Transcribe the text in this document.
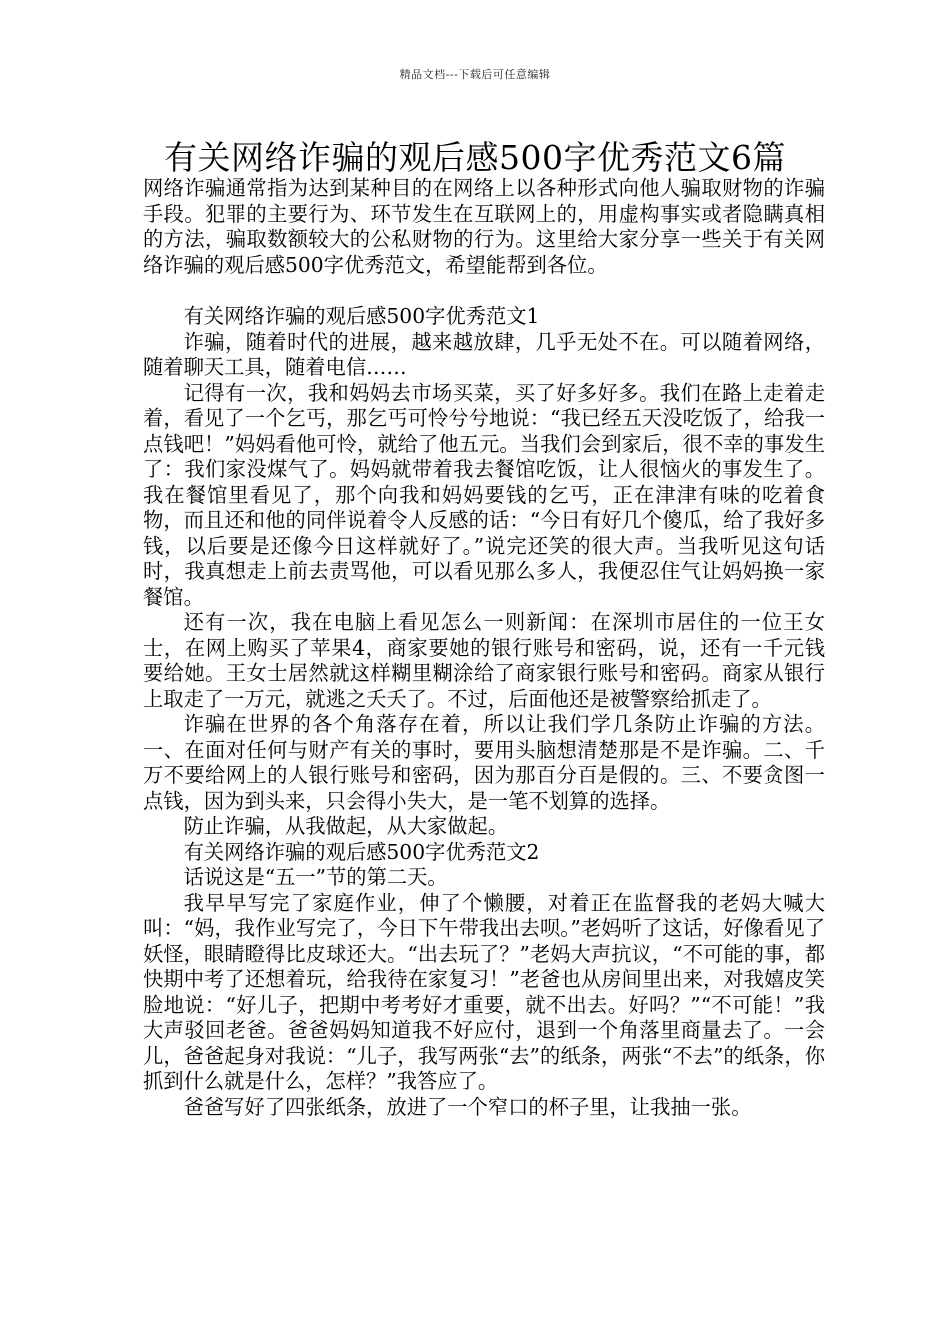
精品文档---下载后可任意编辑
有关网络诈骗的观后感500字优秀范文6篇

网络诈骗通常指为达到某种目的在网络上以各种形式向他人骗取财物的诈骗手段。犯罪的主要行为、环节发生在互联网上的，用虚构事实或者隐瞒真相的方法，骗取数额较大的公私财物的行为。这里给大家分享一些关于有关网络诈骗的观后感500字优秀范文，希望能帮到各位。

有关网络诈骗的观后感500字优秀范文1

诈骗，随着时代的进展，越来越放肆，几乎无处不在。可以随着网络，随着聊天工具，随着电信……

记得有一次，我和妈妈去市场买菜，买了好多好多。我们在路上走着走着，看见了一个乞丐，那乞丐可怜兮兮地说：“我已经五天没吃饭了，给我一点钱吧！”妈妈看他可怜，就给了他五元。当我们会到家后，很不幸的事发生了：我们家没煤气了。妈妈就带着我去餐馆吃饭，让人很恼火的事发生了。我在餐馆里看见了，那个向我和妈妈要钱的乞丐，正在津津有味的吃着食物，而且还和他的同伴说着令人反感的话：“今日有好几个傻瓜，给了我好多钱，以后要是还像今日这样就好了。”说完还笑的很大声。当我听见这句话时，我真想走上前去责骂他，可以看见那么多人，我便忍住气让妈妈换一家餐馆。

还有一次，我在电脑上看见怎么一则新闻：在深圳市居住的一位王女士，在网上购买了苹果4，商家要她的银行账号和密码，说，还有一千元钱要给她。王女士居然就这样糊里糊涂给了商家银行账号和密码。商家从银行上取走了一万元，就逃之夭夭了。不过，后面他还是被警察给抓走了。

诈骗在世界的各个角落存在着，所以让我们学几条防止诈骗的方法。一、在面对任何与财产有关的事时，要用头脑想清楚那是不是诈骗。二、千万不要给网上的人银行账号和密码，因为那百分百是假的。三、不要贪图一点钱，因为到头来，只会得小失大，是一笔不划算的选择。

防止诈骗，从我做起，从大家做起。

有关网络诈骗的观后感500字优秀范文2

话说这是“五一”节的第二天。

我早早写完了家庭作业，伸了个懒腰，对着正在监督我的老妈大喊大叫：“妈，我作业写完了，今日下午带我出去呗。”老妈听了这话，好像看见了妖怪，眼睛瞪得比皮球还大。“出去玩了？”老妈大声抗议，“不可能的事，都快期中考了还想着玩，给我待在家复习！”老爸也从房间里出来，对我嬉皮笑脸地说：“好儿子，把期中考考好才重要，就不出去。好吗？”“不可能！”我大声驳回老爸。爸爸妈妈知道我不好应付，退到一个角落里商量去了。一会儿，爸爸起身对我说：“儿子，我写两张“去”的纸条，两张“不去”的纸条，你抓到什么就是什么，怎样？”我答应了。

爸爸写好了四张纸条，放进了一个窄口的杯子里，让我抽一张。
